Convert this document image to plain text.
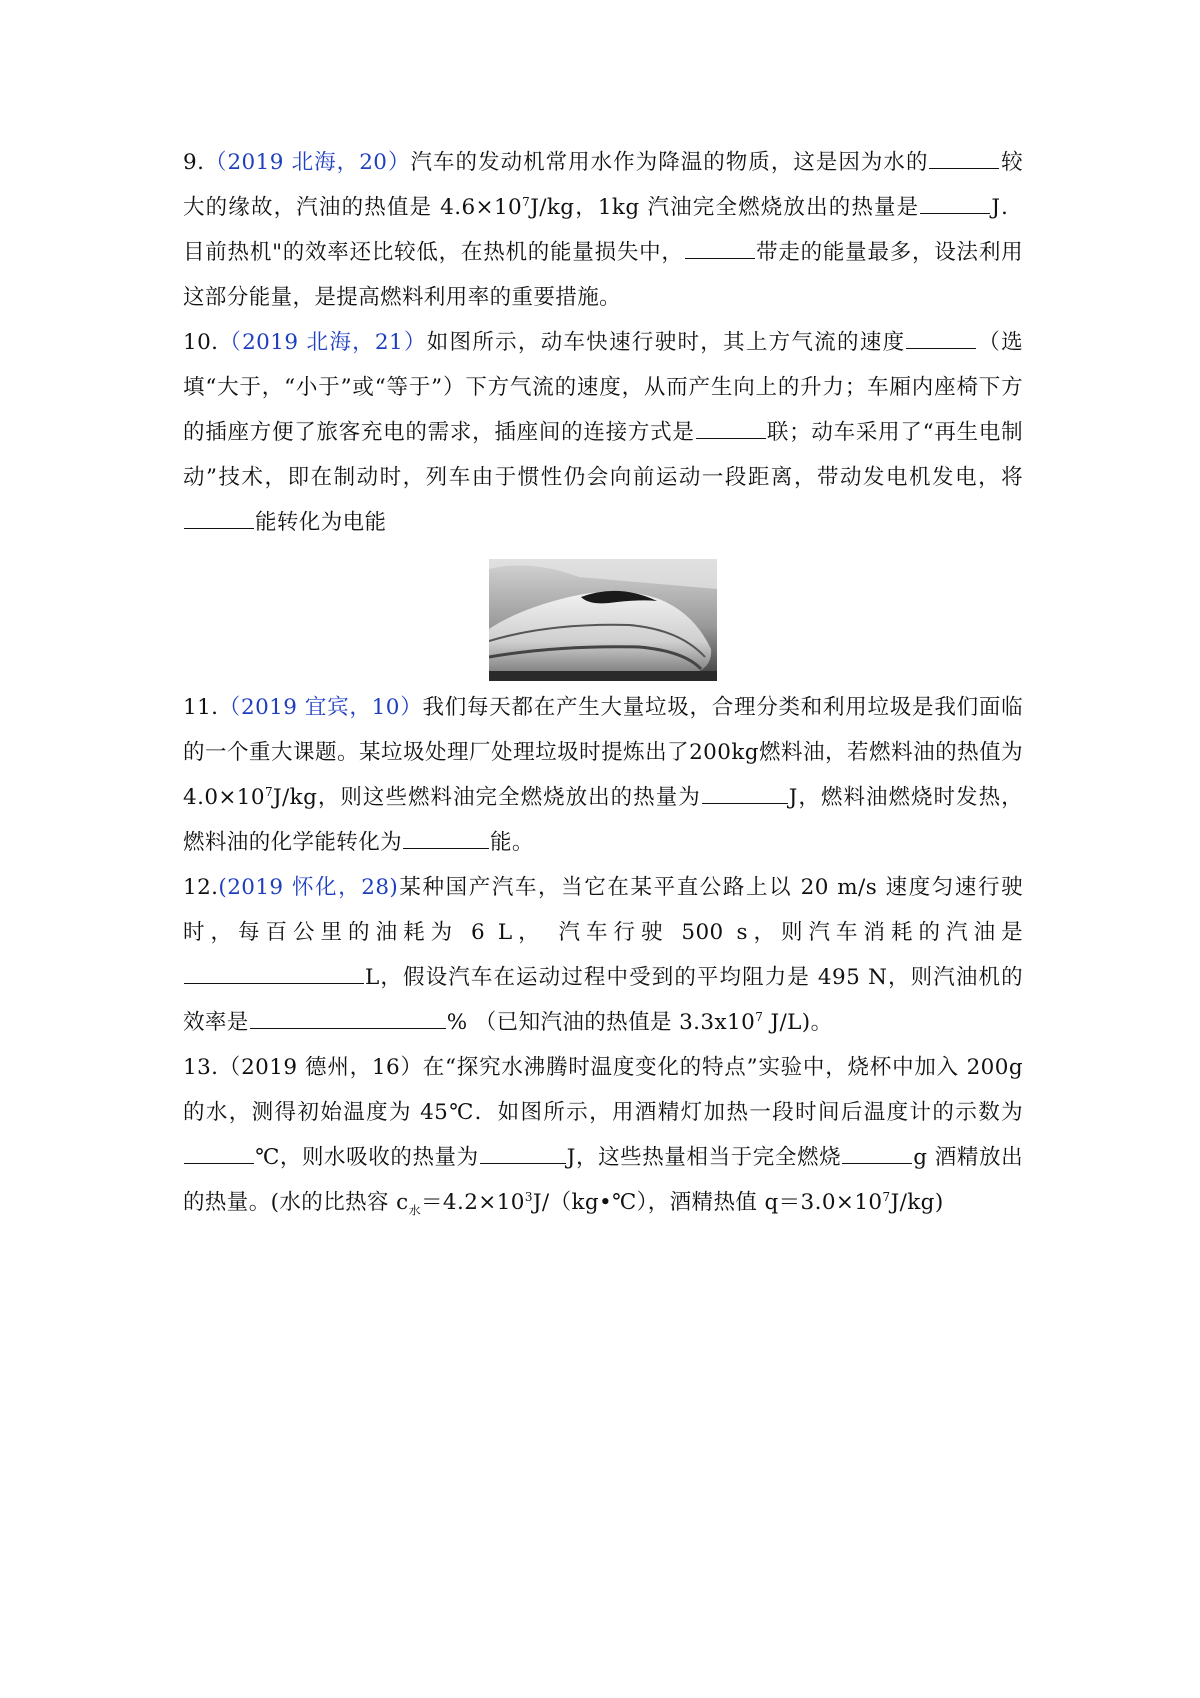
9.（2019 北海，20）汽车的发动机常用水作为降温的物质，这是因为水的	较大的缘故，汽油的热值是 $4.6\times 10^7J/kg$，1kg 汽油完全燃烧放出的热量是	J．目前热机"的效率还比较低，在热机的能量损失中，	带走的能量最多，设法利用这部分能量，是提高燃料利用率的重要措施。

10.（2019 北海，21）如图所示，动车快速行驶时，其上方气流的速度	（选填“大于，“小于”或“等于”）下方气流的速度，从而产生向上的升力；车厢内座椅下方的插座方便了旅客充电的需求，插座间的连接方式是	联；动车采用了“再生电制动”技术，即在制动时，列车由于惯性仍会向前运动一段距离，带动发电机发电，将能转化为电能

11.（2019 宜宾，10）我们每天都在产生大量垃圾，合理分类和利用垃圾是我们面临的一个重大课题。某垃圾处理厂处理垃圾时提炼出了200kg燃料油，若燃料油的热值为 $4.0\times 10^7J/kg$，则这些燃料油完全燃烧放出的热量为	J，燃料油燃烧时发热，燃料油的化学能转化为	能。

12.(2019 怀化，28)某种国产汽车，当它在某平直公路上以 20 m/s 速度匀速行驶时，每百公里的油耗为 6 L， 汽车行驶 500 s，则汽车消耗的汽油是L，假设汽车在运动过程中受到的平均阻力是 495 N，则汽油机的效率是	% （已知汽油的热值是 $3.3x10^7$ J/L)。

13.（2019 德州，16）在“探究水沸腾时温度变化的特点”实验中，烧杯中加入 200g 的水，测得初始温度为 45℃．如图所示，用酒精灯加热一段时间后温度计的示数为℃，则水吸收的热量为	J，这些热量相当于完全燃烧	g 酒精放出的热量。(水的比热容 $c_水=4.2\times 10^3J/(kg•℃)$，酒精热值 $q=3.0\times 10^7J/kg$)
